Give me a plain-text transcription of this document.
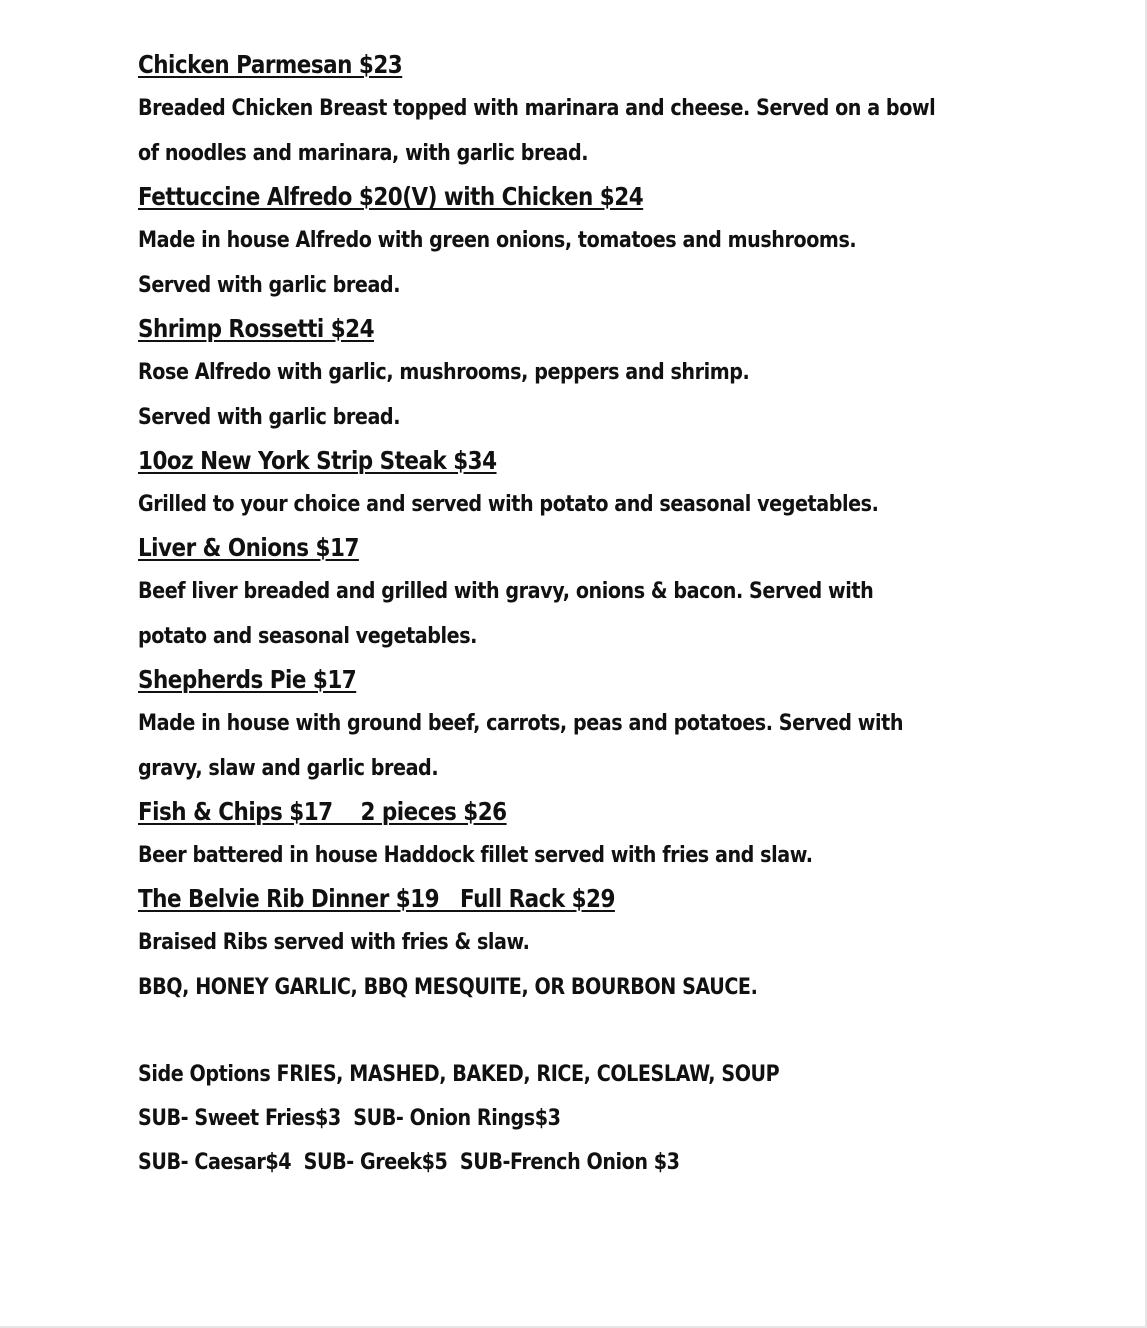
Chicken Parmesan $23
Breaded Chicken Breast topped with marinara and cheese. Served on a bowl
of noodles and marinara, with garlic bread.
Fettuccine Alfredo $20(V) with Chicken $24
Made in house Alfredo with green onions, tomatoes and mushrooms.
Served with garlic bread.
Shrimp Rossetti $24
Rose Alfredo with garlic, mushrooms, peppers and shrimp.
Served with garlic bread.
10oz New York Strip Steak $34
Grilled to your choice and served with potato and seasonal vegetables.
Liver & Onions $17
Beef liver breaded and grilled with gravy, onions & bacon. Served with
potato and seasonal vegetables.
Shepherds Pie $17
Made in house with ground beef, carrots, peas and potatoes. Served with
gravy, slaw and garlic bread.
Fish & Chips $17    2 pieces $26
Beer battered in house Haddock fillet served with fries and slaw.
The Belvie Rib Dinner $19   Full Rack $29
Braised Ribs served with fries & slaw.
BBQ, HONEY GARLIC, BBQ MESQUITE, OR BOURBON SAUCE.
Side Options FRIES, MASHED, BAKED, RICE, COLESLAW, SOUP
SUB- Sweet Fries$3  SUB- Onion Rings$3
SUB- Caesar$4  SUB- Greek$5  SUB-French Onion $3
